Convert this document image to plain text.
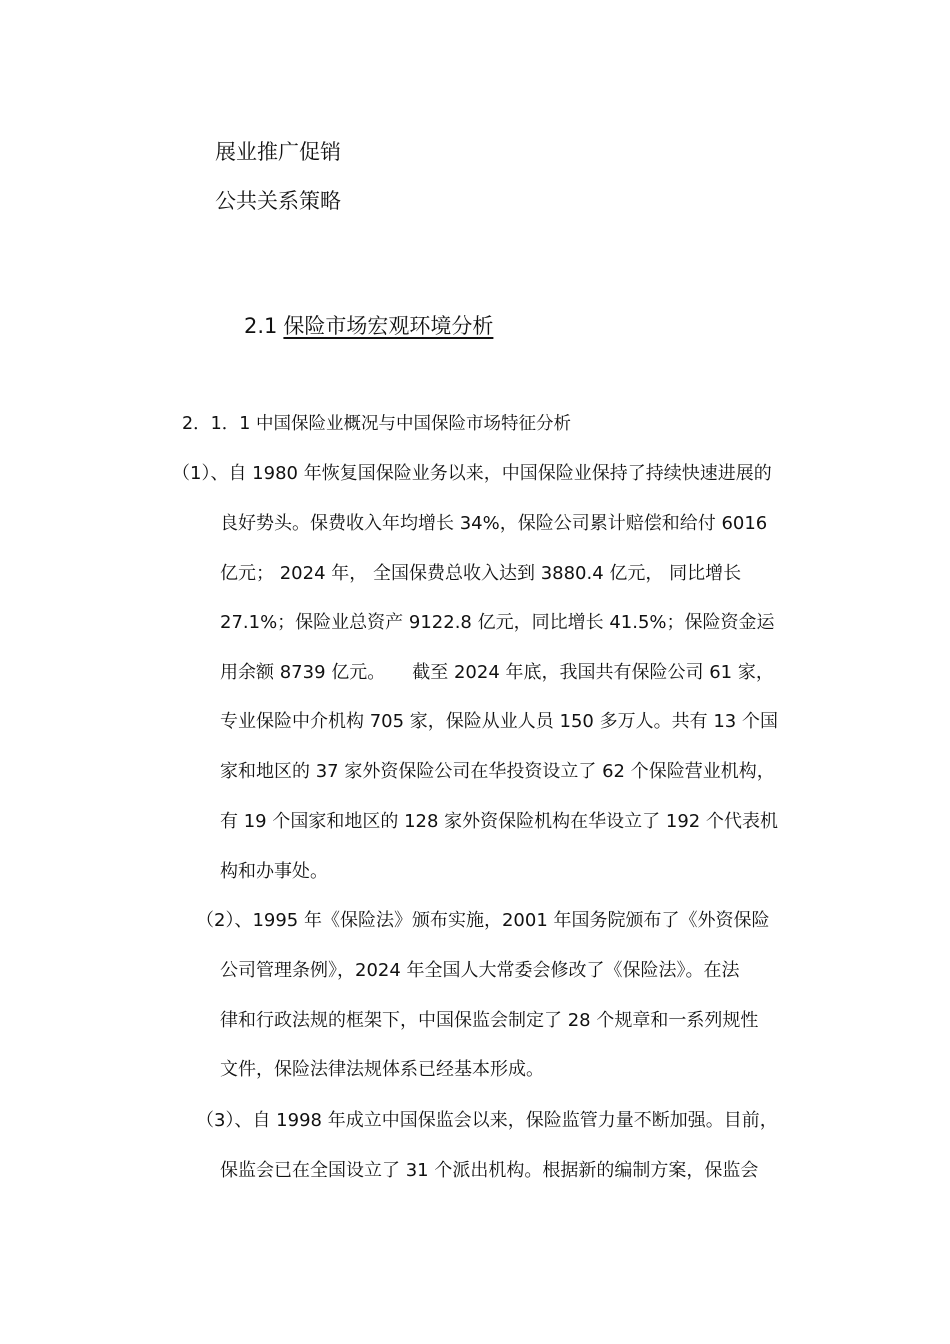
展业推广促销
公共关系策略
2.1 保险市场宏观环境分析
2．1．1 中国保险业概况与中国保险市场特征分析
（1）、自 1980 年恢复国保险业务以来，中国保险业保持了持续快速进展的
良好势头。保费收入年均增长 34%，保险公司累计赔偿和给付 6016
亿元； 2024 年， 全国保费总收入达到 3880.4 亿元， 同比增长
27.1%；保险业总资产 9122.8 亿元，同比增长 41.5%；保险资金运
用余额 8739 亿元。　　截至 2024 年底，我国共有保险公司 61 家，
专业保险中介机构 705 家，保险从业人员 150 多万人。共有 13 个国
家和地区的 37 家外资保险公司在华投资设立了 62 个保险营业机构，
有 19 个国家和地区的 128 家外资保险机构在华设立了 192 个代表机
构和办事处。
（2）、1995 年《保险法》颁布实施，2001 年国务院颁布了《外资保险
公司管理条例》，2024 年全国人大常委会修改了《保险法》。在法
律和行政法规的框架下，中国保监会制定了 28 个规章和一系列规性
文件，保险法律法规体系已经基本形成。
（3）、自 1998 年成立中国保监会以来，保险监管力量不断加强。目前，
保监会已在全国设立了 31 个派出机构。根据新的编制方案，保监会
